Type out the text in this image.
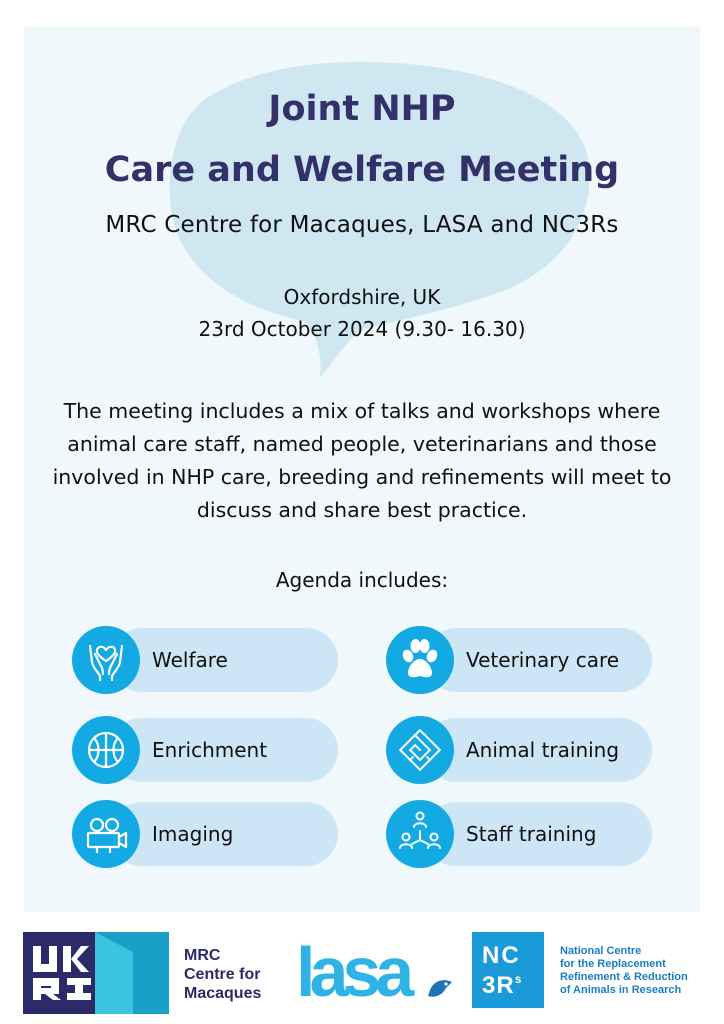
Joint NHP
Care and Welfare Meeting
MRC Centre for Macaques, LASA and NC3Rs
Oxfordshire, UK
23rd October 2024 (9.30- 16.30)
The meeting includes a mix of talks and workshops where
animal care staff, named people, veterinarians and those
involved in NHP care, breeding and refinements will meet to
discuss and share best practice.
Agenda includes:
Welfare	Veterinary care
Enrichment	Animal training
Imaging	Staff training
MRC
Centre for
Macaques lasa	NC
$3R^s$
National Centre
for the Replacement
Refinement & Reduction
of Animals in Research
